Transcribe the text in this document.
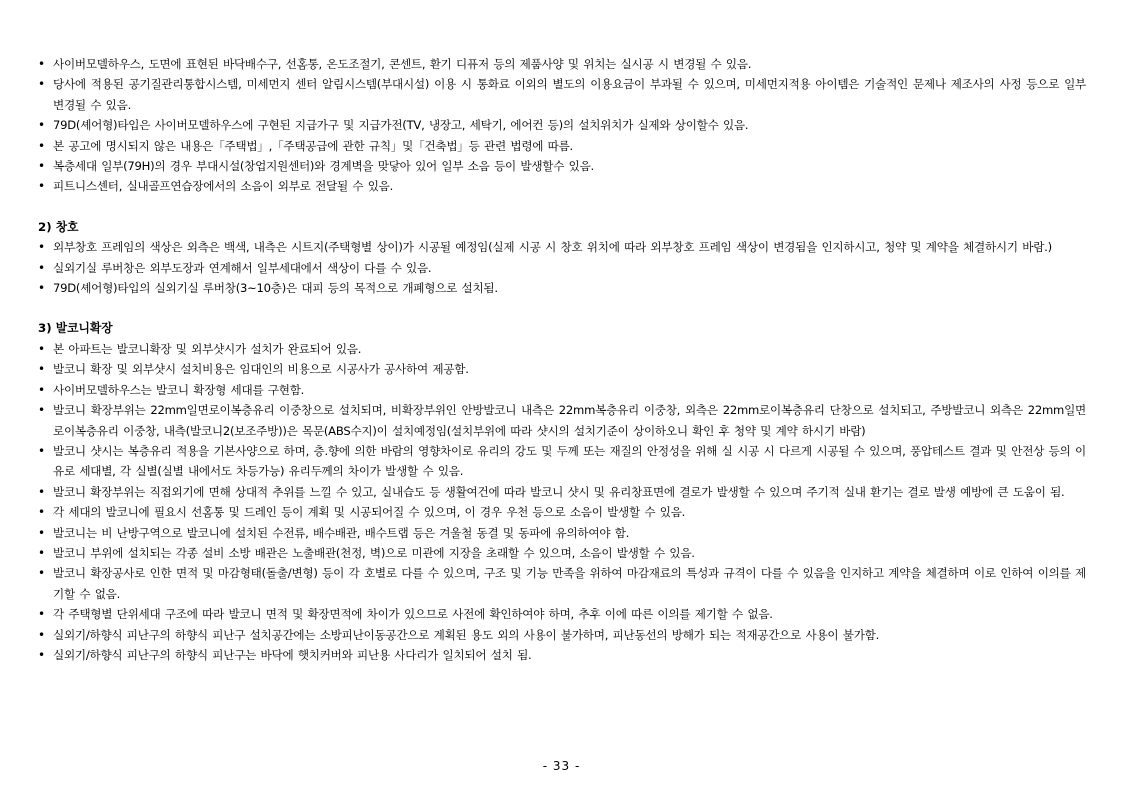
• 사이버모델하우스, 도면에 표현된 바닥배수구, 선홈통, 온도조절기, 콘센트, 환기 디퓨저 등의 제품사양 및 위치는 실시공 시 변경될 수 있음.
• 당사에 적용된 공기질관리통합시스템, 미세먼지 센터 알림시스템(부대시설) 이용 시 통화료 이외의 별도의 이용요금이 부과될 수 있으며, 미세먼지적용 아이템은 기술적인 문제나 제조사의 사정 등으로 일부 변경될 수 있음.
• 79D(셰어형)타입은 사이버모델하우스에 구현된 지급가구 및 지급가전(TV, 냉장고, 세탁기, 에어컨 등)의 설치위치가 실제와 상이할수 있음.
• 본 공고에 명시되지 않은 내용은「주택법」,「주택공급에 관한 규칙」및「건축법」등 관련 법령에 따름.
• 복층세대 일부(79H)의 경우 부대시설(창업지원센터)와 경계벽을 맞닿아 있어 일부 소음 등이 발생할수 있음.
• 피트니스센터, 실내골프연습장에서의 소음이 외부로 전달될 수 있음.
2) 창호
• 외부창호 프레임의 색상은 외측은 백색, 내측은 시트지(주택형별 상이)가 시공될 예정임(실제 시공 시 창호 위치에 따라 외부창호 프레임 색상이 변경됨을 인지하시고, 청약 및 계약을 체결하시기 바람.)
• 실외기실 루버창은 외부도장과 연계해서 일부세대에서 색상이 다를 수 있음.
• 79D(셰어형)타입의 실외기실 루버창(3~10층)은 대피 등의 목적으로 개폐형으로 설치됨.
3) 발코니확장
• 본 아파트는 발코니확장 및 외부샷시가 설치가 완료되어 있음.
• 발코니 확장 및 외부샷시 설치비용은 임대인의 비용으로 시공사가 공사하여 제공함.
• 사이버모델하우스는 발코니 확장형 세대를 구현함.
• 발코니 확장부위는 22mm일면로이복층유리 이중창으로 설치되며, 비확장부위인 안방발코니 내측은 22mm복층유리 이중창, 외측은 22mm로이복층유리 단창으로 설치되고, 주방발코니 외측은 22mm일면로이복층유리 이중창, 내측(발코니2(보조주방))은 목문(ABS수지)이 설치예정임(설치부위에 따라 샷시의 설치기준이 상이하오니 확인 후 청약 및 계약 하시기 바람)
• 발코니 샷시는 복층유리 적용을 기본사양으로 하며, 층.향에 의한 바람의 영향차이로 유리의 강도 및 두께 또는 재질의 안정성을 위해 실 시공 시 다르게 시공될 수 있으며, 풍압테스트 결과 및 안전상 등의 이유로 세대별, 각 실별(실별 내에서도 차등가능) 유리두께의 차이가 발생할 수 있음.
• 발코니 확장부위는 직접외기에 면해 상대적 추위를 느낄 수 있고, 실내습도 등 생활여건에 따라 발코니 샷시 및 유리창표면에 결로가 발생할 수 있으며 주기적 실내 환기는 결로 발생 예방에 큰 도움이 됨.
• 각 세대의 발코니에 필요시 선홈통 및 드레인 등이 계획 및 시공되어질 수 있으며, 이 경우 우천 등으로 소음이 발생할 수 있음.
• 발코니는 비 난방구역으로 발코니에 설치된 수전류, 배수배관, 배수트랩 등은 겨울철 동결 및 동파에 유의하여야 함.
• 발코니 부위에 설치되는 각종 설비 소방 배관은 노출배관(천정, 벽)으로 미관에 지장을 초래할 수 있으며, 소음이 발생할 수 있음.
• 발코니 확장공사로 인한 면적 및 마감형태(돌출/변형) 등이 각 호별로 다를 수 있으며, 구조 및 기능 만족을 위하여 마감재료의 특성과 규격이 다를 수 있음을 인지하고 계약을 체결하며 이로 인하여 이의를 제기할 수 없음.
• 각 주택형별 단위세대 구조에 따라 발코니 면적 및 확장면적에 차이가 있으므로 사전에 확인하여야 하며, 추후 이에 따른 이의를 제기할 수 없음.
• 실외기/하향식 피난구의 하향식 피난구 설치공간에는 소방피난이동공간으로 계획된 용도 외의 사용이 불가하며, 피난동선의 방해가 되는 적재공간으로 사용이 불가함.
• 실외기/하향식 피난구의 하향식 피난구는 바닥에 햇치커버와 피난용 사다리가 일치되어 설치 됨.
- 33 -
